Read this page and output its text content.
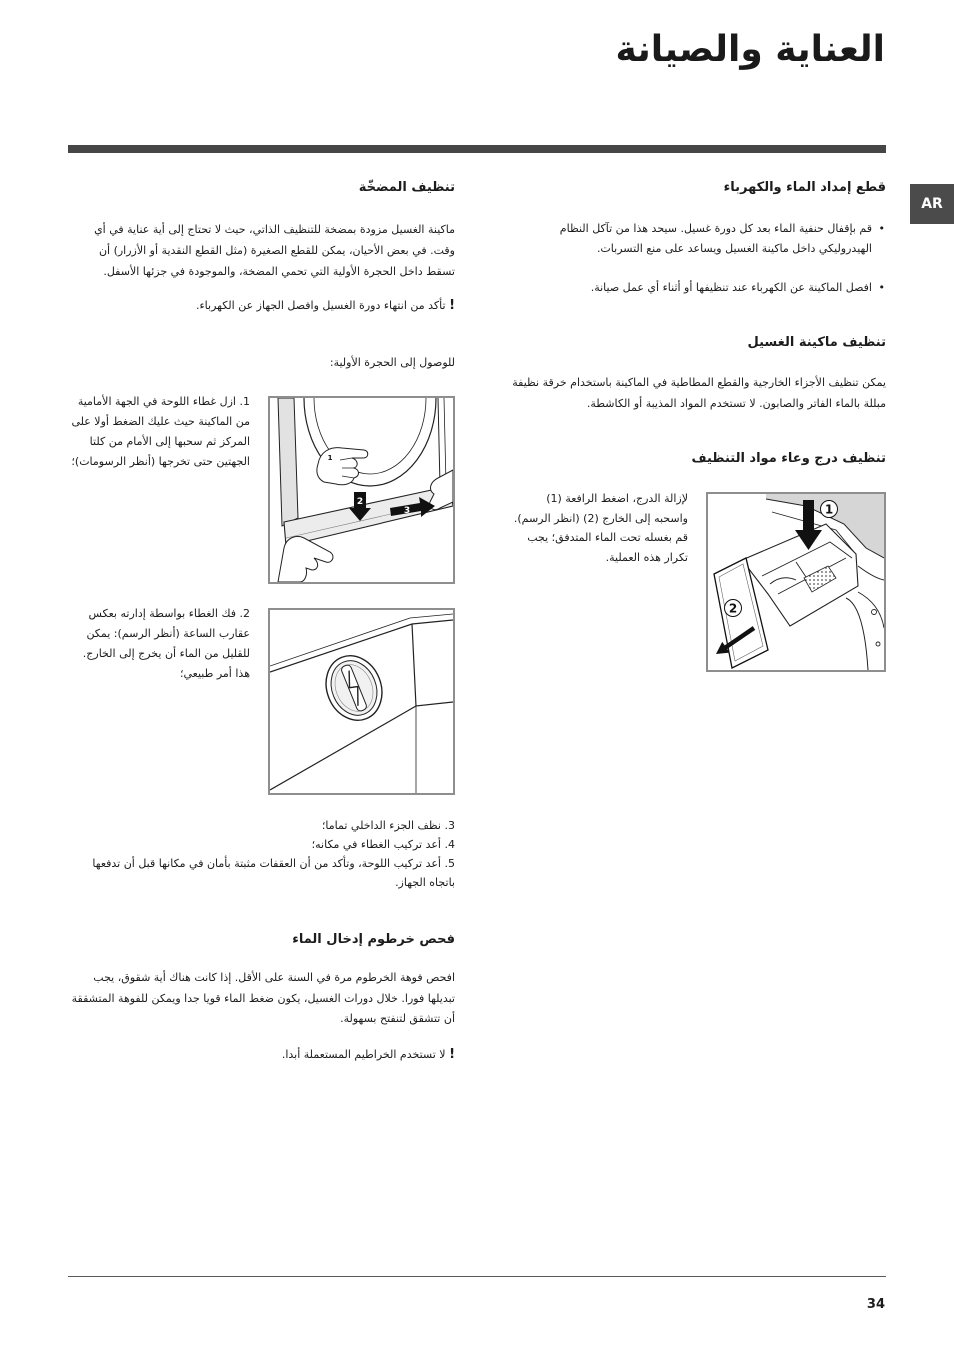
العناية والصيانة
AR
قطع إمداد الماء والكهرباء
• قم بإقفال حنفية الماء بعد كل دورة غسيل. سيحد هذا من تآكل النظام الهيدروليكي داخل ماكينة الغسيل ويساعد على منع التسربات.
• افصل الماكينة عن الكهرباء عند تنظيفها أو أثناء أي عمل صيانة.
تنظيف ماكينة الغسيل

يمكن تنظيف الأجزاء الخارجية والقطع المطاطية في الماكينة باستخدام خرقة نظيفة مبللة بالماء الفاتر والصابون. لا تستخدم المواد المذيبة أو الكاشطة.

تنظيف درج وعاء مواد التنظيف
1
2

لإزالة الدرج، اضغط الرافعة (1) واسحبه إلى الخارج (2) (انظر الرسم).

قم بغسله تحت الماء المتدفق؛ يجب تكرار هذه العملية.

تنظيف المضخّة

ماكينة الغسيل مزودة بمضخة للتنظيف الذاتي، حيث لا تحتاج إلى أية عناية في أي وقت. في بعض الأحيان، يمكن للقطع الصغيرة (مثل القطع النقدية أو الأزرار) أن تسقط داخل الحجرة الأولية التي تحمي المضخة، والموجودة في جزئها الأسفل.

! تأكد من انتهاء دورة الغسيل وافصل الجهاز عن الكهرباء.

للوصول إلى الحجرة الأولية:

1
2
3

1. ازل غطاء اللوحة في الجهة الأمامية من الماكينة حيث عليك الضغط أولا على المركز ثم سحبها إلى الأمام من كلتا الجهتين حتى تخرجها (أنظر الرسومات)؛

2. فك الغطاء بواسطة إدارته بعكس عقارب الساعة (أنظر الرسم): يمكن للقليل من الماء أن يخرج إلى الخارج. هذا أمر طبيعي؛

3. نظف الجزء الداخلي تماما؛
4. أعد تركيب الغطاء في مكانه؛
5. أعد تركيب اللوحة، وتأكد من أن العقفات مثبتة بأمان في مكانها قبل أن تدفعها باتجاه الجهاز.
فحص خرطوم إدخال الماء

افحص فوهة الخرطوم مرة في السنة على الأقل. إذا كانت هناك أية شقوق، يجب تبديلها فورا. خلال دورات الغسيل، يكون ضغط الماء قويا جدا ويمكن للفوهة المتشققة أن تتشقق لتنفتح بسهولة.

! لا تستخدم الخراطيم المستعملة أبدا.

34
